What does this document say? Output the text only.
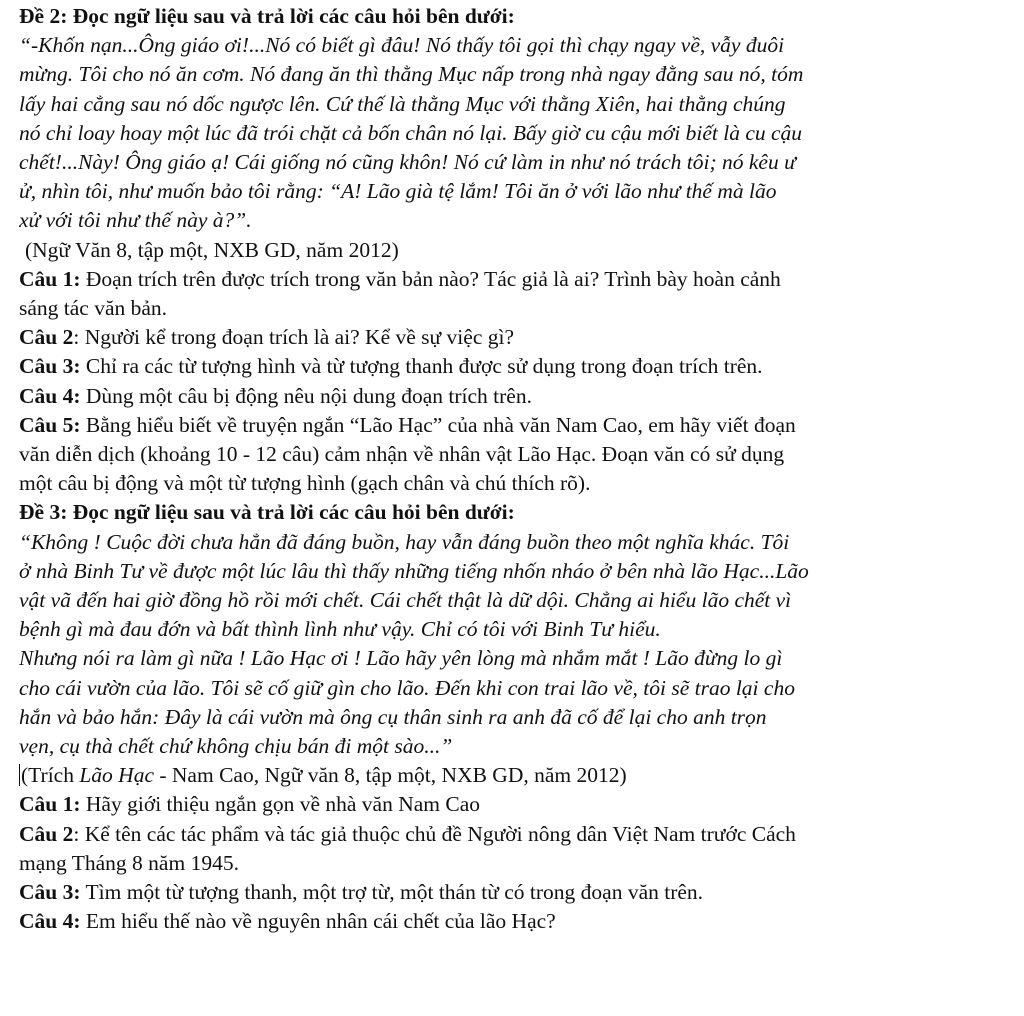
Đề 2: Đọc ngữ liệu sau và trả lời các câu hỏi bên dưới:
“-Khốn nạn...Ông giáo ơi!...Nó có biết gì đâu! Nó thấy tôi gọi thì chạy ngay về, vẫy đuôi
mừng. Tôi cho nó ăn cơm. Nó đang ăn thì thằng Mục nấp trong nhà ngay đằng sau nó, tóm
lấy hai cẳng sau nó dốc ngược lên. Cứ thế là thằng Mục với thằng Xiên, hai thằng chúng
nó chỉ loay hoay một lúc đã trói chặt cả bốn chân nó lại. Bấy giờ cu cậu mới biết là cu cậu
chết!...Này! Ông giáo ạ! Cái giống nó cũng khôn! Nó cứ làm in như nó trách tôi; nó kêu ư
ử, nhìn tôi, như muốn bảo tôi rằng: “A! Lão già tệ lắm! Tôi ăn ở với lão như thế mà lão
xử với tôi như thế này à?”.
(Ngữ Văn 8, tập một, NXB GD, năm 2012)
Câu 1: Đoạn trích trên được trích trong văn bản nào? Tác giả là ai? Trình bày hoàn cảnh
sáng tác văn bản.
Câu 2: Người kể trong đoạn trích là ai? Kể về sự việc gì?
Câu 3: Chỉ ra các từ tượng hình và từ tượng thanh được sử dụng trong đoạn trích trên.
Câu 4: Dùng một câu bị động nêu nội dung đoạn trích trên.
Câu 5: Bằng hiểu biết về truyện ngắn “Lão Hạc” của nhà văn Nam Cao, em hãy viết đoạn
văn diễn dịch (khoảng 10 - 12 câu) cảm nhận về nhân vật Lão Hạc. Đoạn văn có sử dụng
một câu bị động và một từ tượng hình (gạch chân và chú thích rõ).
Đề 3: Đọc ngữ liệu sau và trả lời các câu hỏi bên dưới:
“Không ! Cuộc đời chưa hẳn đã đáng buồn, hay vẫn đáng buồn theo một nghĩa khác. Tôi
ở nhà Binh Tư về được một lúc lâu thì thấy những tiếng nhốn nháo ở bên nhà lão Hạc...Lão
vật vã đến hai giờ đồng hồ rồi mới chết. Cái chết thật là dữ dội. Chẳng ai hiểu lão chết vì
bệnh gì mà đau đớn và bất thình lình như vậy. Chỉ có tôi với Binh Tư hiểu.
Nhưng nói ra làm gì nữa ! Lão Hạc ơi ! Lão hãy yên lòng mà nhắm mắt ! Lão đừng lo gì
cho cái vườn của lão. Tôi sẽ cố giữ gìn cho lão. Đến khi con trai lão về, tôi sẽ trao lại cho
hắn và bảo hắn: Đây là cái vườn mà ông cụ thân sinh ra anh đã cố để lại cho anh trọn
vẹn, cụ thà chết chứ không chịu bán đi một sào...”
(Trích Lão Hạc - Nam Cao, Ngữ văn 8, tập một, NXB GD, năm 2012)
Câu 1: Hãy giới thiệu ngắn gọn về nhà văn Nam Cao
Câu 2: Kể tên các tác phẩm và tác giả thuộc chủ đề Người nông dân Việt Nam trước Cách
mạng Tháng 8 năm 1945.
Câu 3: Tìm một từ tượng thanh, một trợ từ, một thán từ có trong đoạn văn trên.
Câu 4: Em hiểu thế nào về nguyên nhân cái chết của lão Hạc?
